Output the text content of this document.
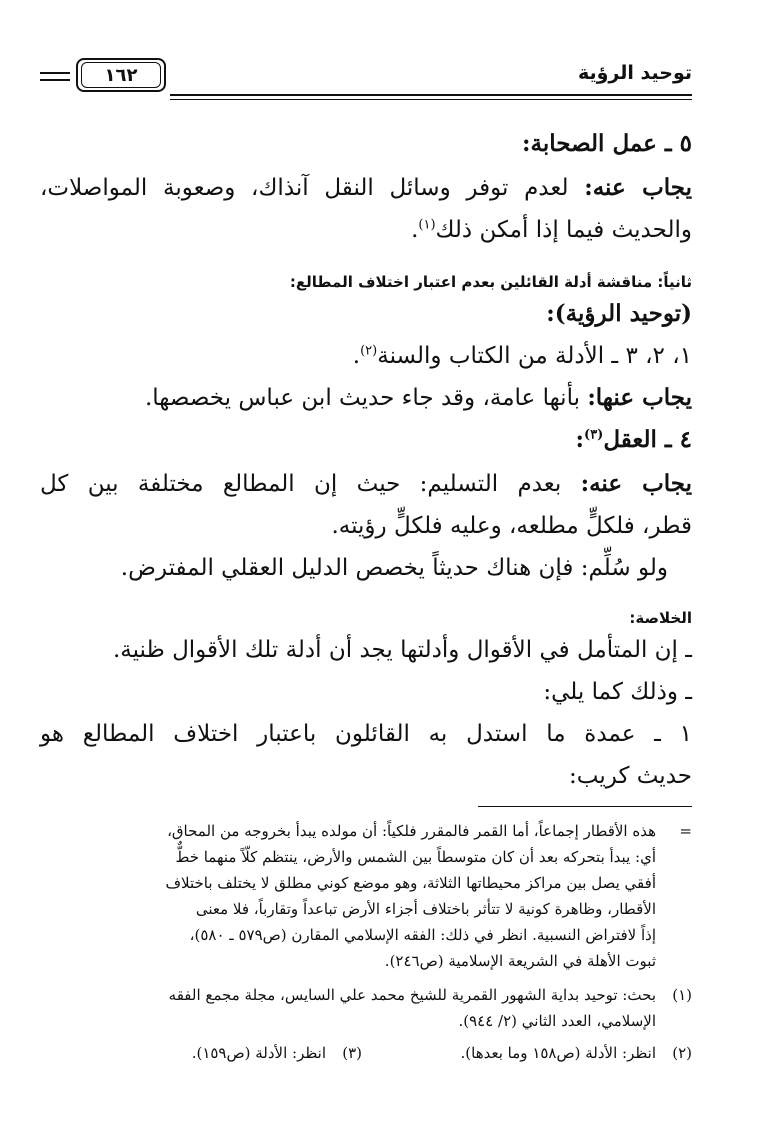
توحيد الرؤية
١٦٢
٥ ـ عمل الصحابة:
يجاب عنه: لعدم توفر وسائل النقل آنذاك، وصعوبة المواصلات،
والحديث فيما إذا أمكن ذلك$^{(١)}$.
ثانياً: مناقشة أدلة القائلين بعدم اعتبار اختلاف المطالع:
(توحيد الرؤية):
١، ٢، ٣ ـ الأدلة من الكتاب والسنة$^{(٢)}$.
يجاب عنها: بأنها عامة، وقد جاء حديث ابن عباس يخصصها.
٤ ـ العقل$^{(٣)}$:
يجاب عنه: بعدم التسليم: حيث إن المطالع مختلفة بين كل
قطر، فلكلٍّ مطلعه، وعليه فلكلٍّ رؤيته.
ولو سُلِّم: فإن هناك حديثاً يخصص الدليل العقلي المفترض.
الخلاصة:
ـ إن المتأمل في الأقوال وأدلتها يجد أن أدلة تلك الأقوال ظنية.
ـ وذلك كما يلي:
١ ـ عمدة ما استدل به القائلون باعتبار اختلاف المطالع هو
حديث كريب:
=
هذه الأقطار إجماعاً، أما القمر فالمقرر فلكياً: أن مولده يبدأ بخروجه من المحاق،
أي: يبدأ بتحركه بعد أن كان متوسطاً بين الشمس والأرض، ينتظم كلّاً منهما خطٌّ
أفقي يصل بين مراكز محيطاتها الثلاثة، وهو موضع كوني مطلق لا يختلف باختلاف
الأقطار، وظاهرة كونية لا تتأثر باختلاف أجزاء الأرض تباعداً وتقارباً، فلا معنى
إذاً لافتراض النسبية. انظر في ذلك: الفقه الإسلامي المقارن (ص٥٧٩ ـ ٥٨٠)،
ثبوت الأهلة في الشريعة الإسلامية (ص٢٤٦).
(١)
بحث: توحيد بداية الشهور القمرية للشيخ محمد علي السايس، مجلة مجمع الفقه
الإسلامي، العدد الثاني (٢/ ٩٤٤).
(٢)
انظر: الأدلة (ص١٥٨ وما بعدها).
(٣)
انظر: الأدلة (ص١٥٩).
